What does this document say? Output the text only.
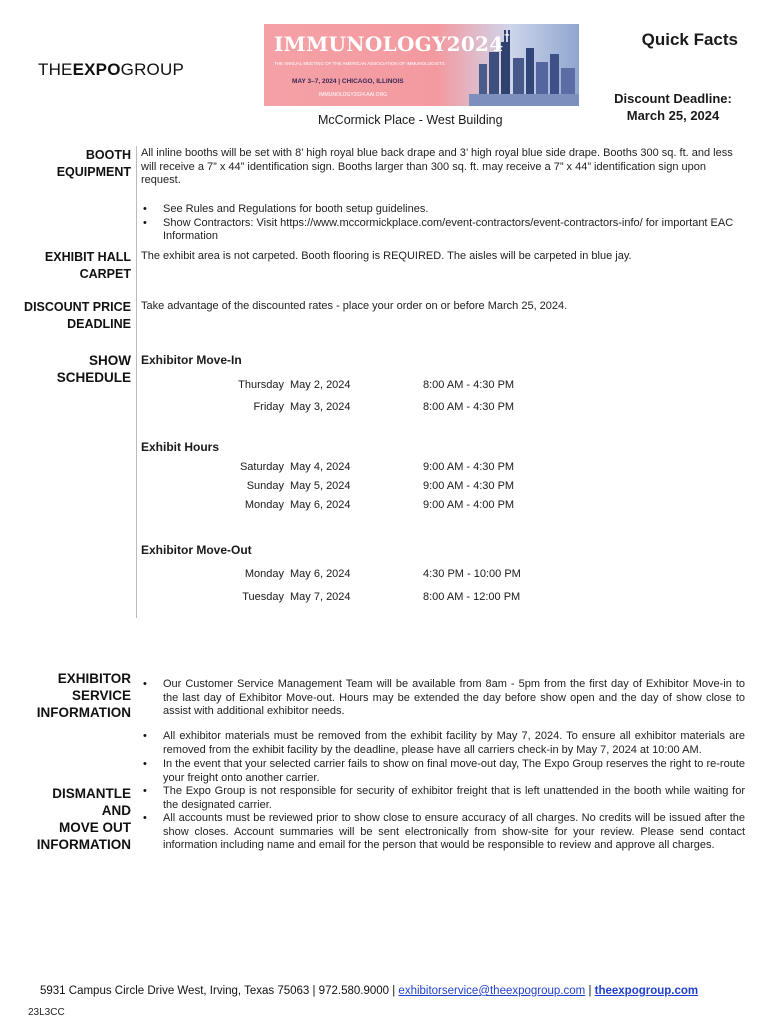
THEEXPOGROUP
IMMUNOLOGY2024™
THE ANNUAL MEETING OF THE AMERICAN ASSOCIATION OF IMMUNOLOGISTS
MAY 3–7, 2024 | CHICAGO, ILLINOIS
IMMUNOLOGY2024.AAI.ORG
McCormick Place - West Building
Quick Facts
Discount Deadline:
March 25, 2024
BOOTH
EQUIPMENT
All inline booths will be set with 8’ high royal blue back drape and 3’ high royal blue side drape. Booths 300 sq. ft. and less will receive a 7” x 44” identification sign. Booths larger than 300 sq. ft. may receive a 7” x 44” identification sign upon request.
• See Rules and Regulations for booth setup guidelines.
• Show Contractors: Visit https://www.mccormickplace.com/event-contractors/event-contractors-info/ for important EAC Information
EXHIBIT HALL
CARPET
The exhibit area is not carpeted. Booth flooring is REQUIRED. The aisles will be carpeted in blue jay.
DISCOUNT PRICE
DEADLINE
Take advantage of the discounted rates - place your order on or before March 25, 2024.
SHOW
SCHEDULE
Exhibitor Move-In
Thursday May 2, 2024	8:00 AM - 4:30 PM
Friday May 3, 2024	8:00 AM - 4:30 PM
Exhibit Hours
Saturday May 4, 2024	9:00 AM - 4:30 PM
Sunday May 5, 2024	9:00 AM - 4:30 PM
Monday May 6, 2024	9:00 AM - 4:00 PM
Exhibitor Move-Out
Monday May 6, 2024	4:30 PM - 10:00 PM
Tuesday May 7, 2024	8:00 AM - 12:00 PM
EXHIBITOR
SERVICE
INFORMATION
• Our Customer Service Management Team will be available from 8am - 5pm from the first day of Exhibitor Move-in to the last day of Exhibitor Move-out. Hours may be extended the day before show open and the day of show close to assist with additional exhibitor needs.
DISMANTLE
AND
MOVE OUT
INFORMATION
• All exhibitor materials must be removed from the exhibit facility by May 7, 2024. To ensure all exhibitor materials are removed from the exhibit facility by the deadline, please have all carriers check-in by May 7, 2024 at 10:00 AM.
• In the event that your selected carrier fails to show on final move-out day, The Expo Group reserves the right to re-route your freight onto another carrier.
• The Expo Group is not responsible for security of exhibitor freight that is left unattended in the booth while waiting for the designated carrier.
• All accounts must be reviewed prior to show close to ensure accuracy of all charges. No credits will be issued after the show closes. Account summaries will be sent electronically from show-site for your review. Please send contact information including name and email for the person that would be responsible to review and approve all charges.
5931 Campus Circle Drive West, Irving, Texas 75063 | 972.580.9000 | exhibitorservice@theexpogroup.com | theexpogroup.com
23L3CC
